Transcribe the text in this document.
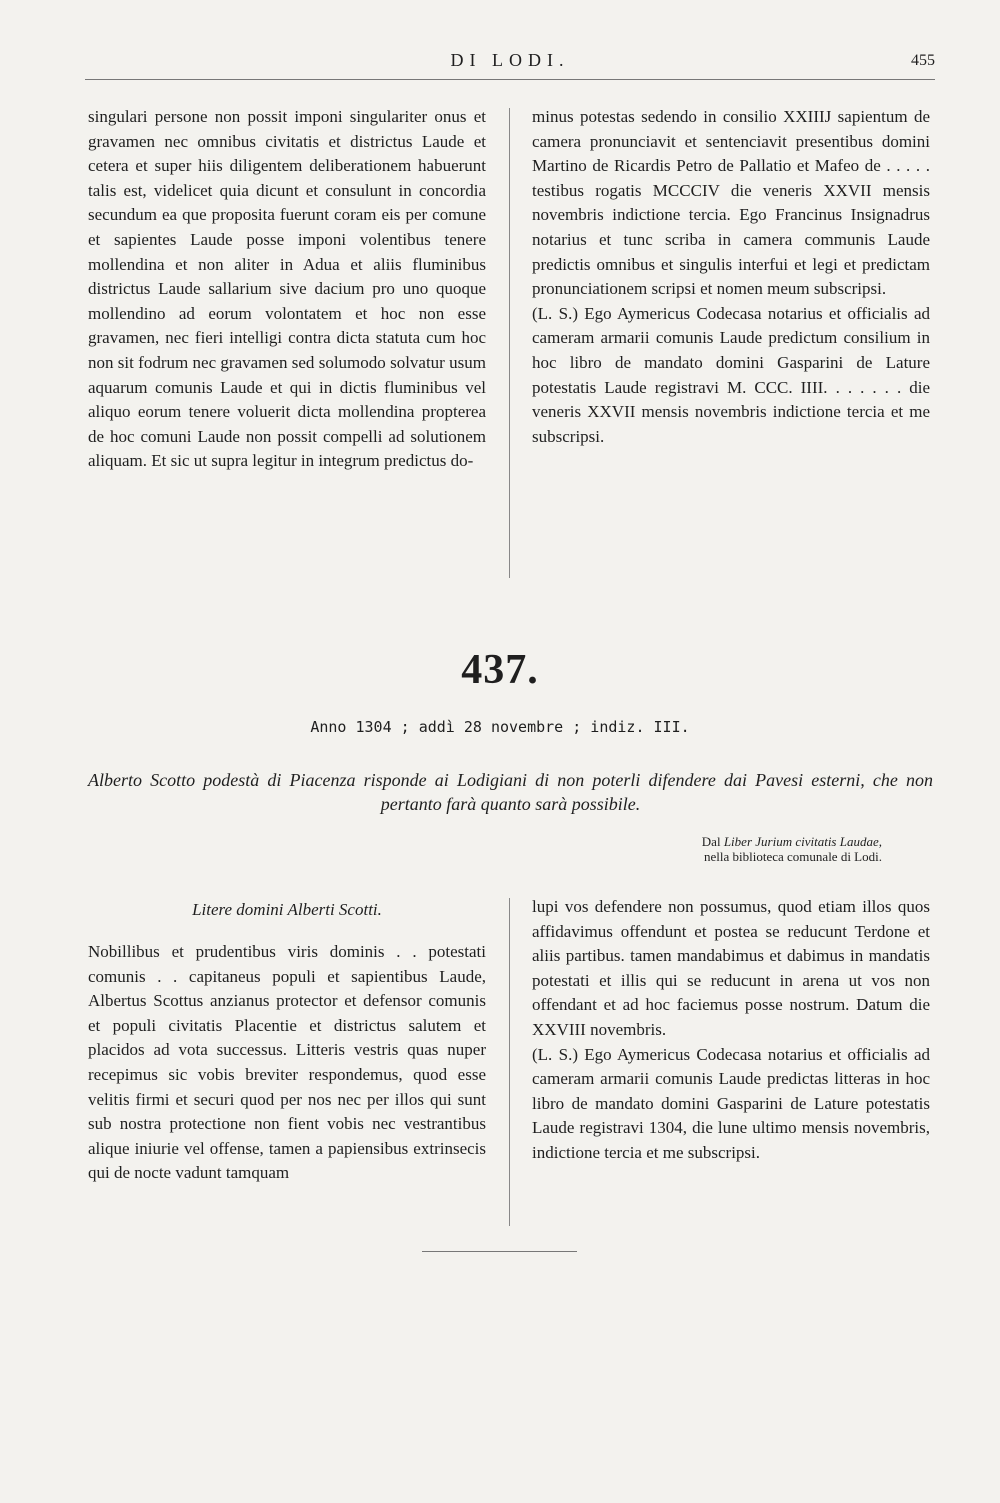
DI LODI.	455

singulari persone non possit imponi singulariter onus et gravamen nec omnibus civitatis et districtus Laude et cetera et super hiis diligentem deliberationem habuerunt talis est, videlicet quia dicunt et consulunt in concordia secundum ea que proposita fuerunt coram eis per comune et sapientes Laude posse imponi volentibus tenere mollendina et non aliter in Adua et aliis fluminibus districtus Laude sallarium sive dacium pro uno quoque mollendino ad eorum volontatem et hoc non esse gravamen, nec fieri intelligi contra dicta statuta cum hoc non sit fodrum nec gravamen sed solumodo solvatur usum aquarum comunis Laude et qui in dictis fluminibus vel aliquo eorum tenere voluerit dicta mollendina propterea de hoc comuni Laude non possit compelli ad solutionem aliquam. Et sic ut supra legitur in integrum predictus do-

minus potestas sedendo in consilio XXIIIJ sapientum de camera pronunciavit et sentenciavit presentibus domini Martino de Ricardis Petro de Pallatio et Mafeo de . . . . . testibus rogatis MCCCIV die veneris XXVII mensis novembris indictione tercia. Ego Francinus Insignadrus notarius et tunc scriba in camera communis Laude predictis omnibus et singulis interfui et legi et predictam pronunciationem scripsi et nomen meum subscripsi.
(L. S.) Ego Aymericus Codecasa notarius et officialis ad cameram armarii comunis Laude predictum consilium in hoc libro de mandato domini Gasparini de Lature potestatis Laude registravi M. CCC. IIII. . . . . . . die veneris XXVII mensis novembris indictione tercia et me subscripsi.

437.
Anno 1304 ; addì 28 novembre ; indiz. III.
Alberto Scotto podestà di Piacenza risponde ai Lodigiani di non poterli difendere dai Pavesi esterni, che non pertanto farà quanto sarà possibile.
Dal Liber Jurium civitatis Laudae,
nella biblioteca comunale di Lodi.
Litere domini Alberti Scotti.

Nobillibus et prudentibus viris dominis . . potestati comunis . . capitaneus populi et sapientibus Laude, Albertus Scottus anzianus protector et defensor comunis et populi civitatis Placentie et districtus salutem et placidos ad vota successus. Litteris vestris quas nuper recepimus sic vobis breviter respondemus, quod esse velitis firmi et securi quod per nos nec per illos qui sunt sub nostra protectione non fient vobis nec vestrantibus alique iniurie vel offense, tamen a papiensibus extrinsecis qui de nocte vadunt tamquam

lupi vos defendere non possumus, quod etiam illos quos affidavimus offendunt et postea se reducunt Terdone et aliis partibus. tamen mandabimus et dabimus in mandatis potestati et illis qui se reducunt in arena ut vos non offendant et ad hoc faciemus posse nostrum. Datum die XXVIII novembris.
(L. S.) Ego Aymericus Codecasa notarius et officialis ad cameram armarii comunis Laude predictas litteras in hoc libro de mandato domini Gasparini de Lature potestatis Laude registravi 1304, die lune ultimo mensis novembris, indictione tercia et me subscripsi.
